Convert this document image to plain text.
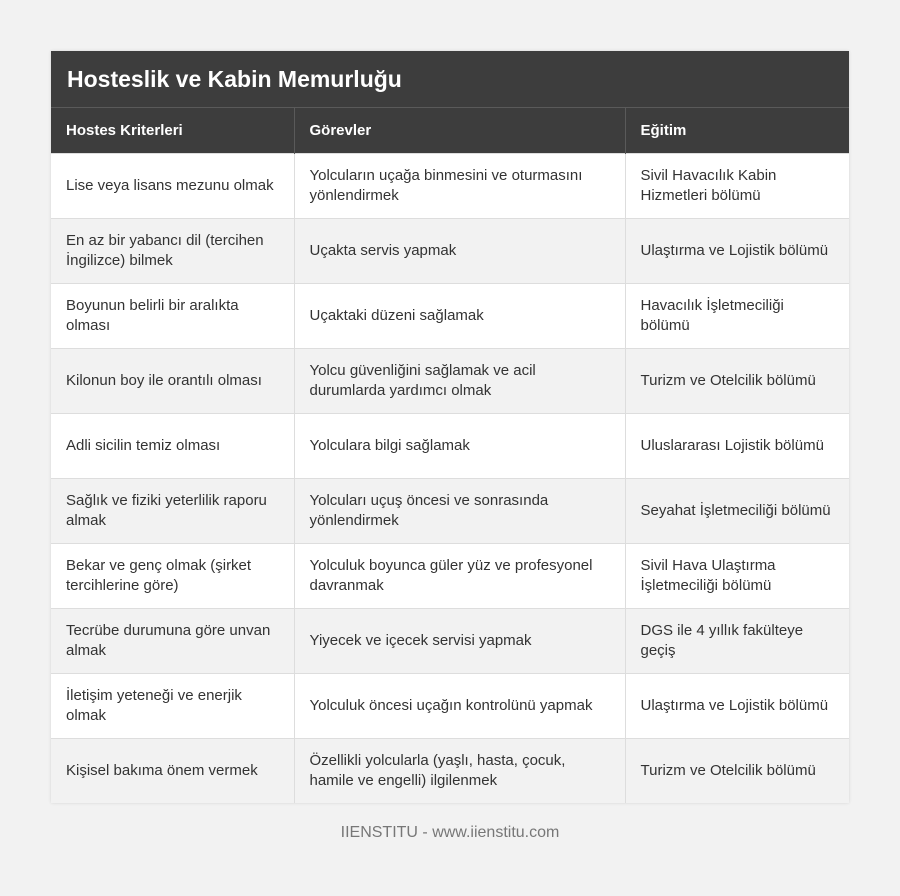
Hosteslik ve Kabin Memurluğu
Hostes Kriterleri	Görevler	Eğitim
Lise veya lisans mezunu olmak	Yolcuların uçağa binmesini ve oturmasını yönlendirmek	Sivil Havacılık Kabin Hizmetleri bölümü
En az bir yabancı dil (tercihen İngilizce) bilmek	Uçakta servis yapmak	Ulaştırma ve Lojistik bölümü
Boyunun belirli bir aralıkta olması	Uçaktaki düzeni sağlamak	Havacılık İşletmeciliği bölümü
Kilonun boy ile orantılı olması	Yolcu güvenliğini sağlamak ve acil durumlarda yardımcı olmak	Turizm ve Otelcilik bölümü
Adli sicilin temiz olması	Yolculara bilgi sağlamak	Uluslararası Lojistik bölümü
Sağlık ve fiziki yeterlilik raporu almak	Yolcuları uçuş öncesi ve sonrasında yönlendirmek	Seyahat İşletmeciliği bölümü
Bekar ve genç olmak (şirket tercihlerine göre)	Yolculuk boyunca güler yüz ve profesyonel davranmak	Sivil Hava Ulaştırma İşletmeciliği bölümü
Tecrübe durumuna göre unvan almak	Yiyecek ve içecek servisi yapmak	DGS ile 4 yıllık fakülteye geçiş
İletişim yeteneği ve enerjik olmak	Yolculuk öncesi uçağın kontrolünü yapmak	Ulaştırma ve Lojistik bölümü
Kişisel bakıma önem vermek	Özellikli yolcularla (yaşlı, hasta, çocuk, hamile ve engelli) ilgilenmek	Turizm ve Otelcilik bölümü
IIENSTITU - www.iienstitu.com
